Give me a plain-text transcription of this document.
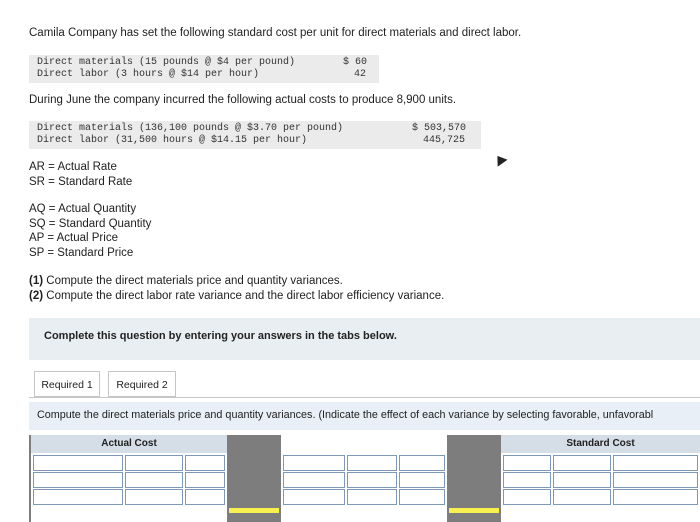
Camila Company has set the following standard cost per unit for direct materials and direct labor.
Direct materials (15 pounds @ $4 per pound)	$ 60
Direct labor (3 hours @ $14 per hour)	42
During June the company incurred the following actual costs to produce 8,900 units.
Direct materials (136,100 pounds @ $3.70 per pound)	$ 503,570
Direct labor (31,500 hours @ $14.15 per hour)	445,725
AR = Actual Rate
SR = Standard Rate
AQ = Actual Quantity
SQ = Standard Quantity
AP = Actual Price
SP = Standard Price
(1) Compute the direct materials price and quantity variances.
(2) Compute the direct labor rate variance and the direct labor efficiency variance.
Complete this question by entering your answers in the tabs below.
Required 1	Required 2
Compute the direct materials price and quantity variances. (Indicate the effect of each variance by selecting favorable, unfavorabl
Actual Cost	Standard Cost
